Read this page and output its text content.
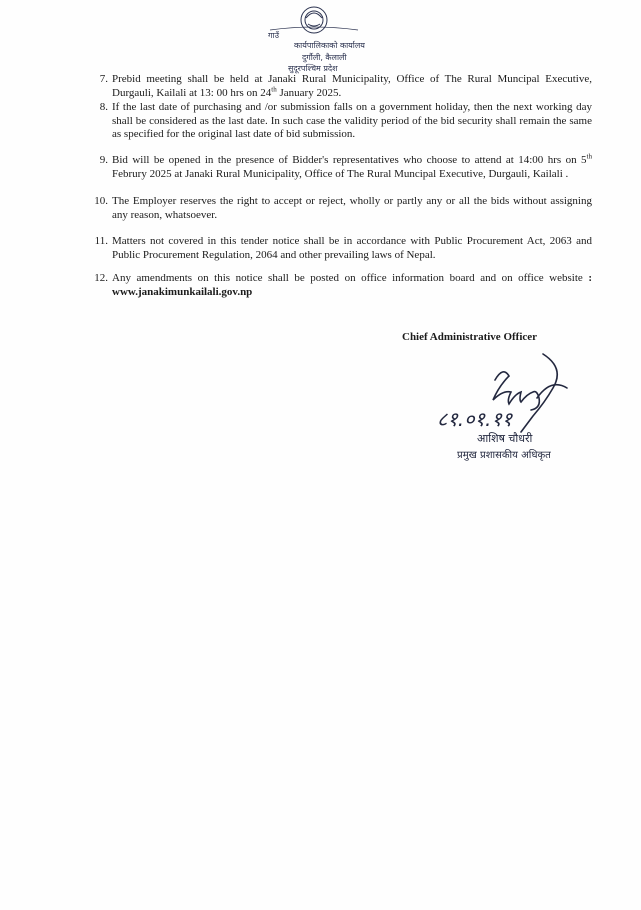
गाउँ
कार्यपालिकाको कार्यालय
दुर्गौली, कैलाली
सुदूरपश्चिम प्रदेश
7. Prebid meeting shall be held at Janaki Rural Municipality, Office of The Rural Muncipal Executive, Durgauli, Kailali at 13: 00 hrs on 24th January 2025.
8. If the last date of purchasing and /or submission falls on a government holiday, then the next working day shall be considered as the last date. In such case the validity period of the bid security shall remain the same as specified for the original last date of bid submission.
9. Bid will be opened in the presence of Bidder's representatives who choose to attend at 14:00 hrs on 5th Februry 2025 at Janaki Rural Municipality, Office of The Rural Muncipal Executive, Durgauli, Kailali .
10. The Employer reserves the right to accept or reject, wholly or partly any or all the bids without assigning any reason, whatsoever.
11. Matters not covered in this tender notice shall be in accordance with Public Procurement Act, 2063 and Public Procurement Regulation, 2064 and other prevailing laws of Nepal.
12. Any amendments on this notice shall be posted on office information board and on office website : www.janakimunkailali.gov.np
Chief Administrative Officer
८१.०१.११
आशिष चौधरी
प्रमुख प्रशासकीय अधिकृत
